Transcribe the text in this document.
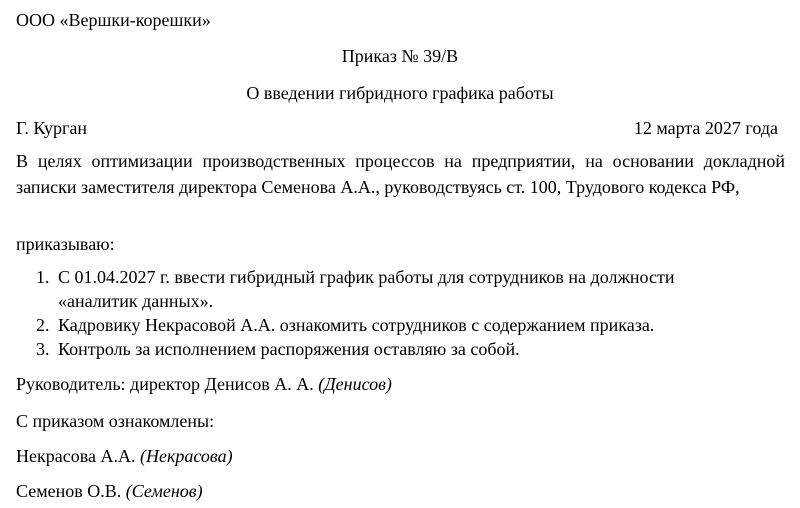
ООО «Вершки-корешки»
Приказ № 39/В
О введении гибридного графика работы
Г. Курган	12 марта 2027 года
В целях оптимизации производственных процессов на предприятии, на основании докладной записки заместителя директора Семенова А.А., руководствуясь ст. 100, Трудового кодекса РФ,
приказываю:
1. С 01.04.2027 г. ввести гибридный график работы для сотрудников на должности
«аналитик данных».
2. Кадровику Некрасовой А.А. ознакомить сотрудников с содержанием приказа.
3. Контроль за исполнением распоряжения оставляю за собой.
Руководитель: директор Денисов А. А. (Денисов)
С приказом ознакомлены:
Некрасова А.А. (Некрасова)
Семенов О.В. (Семенов)
